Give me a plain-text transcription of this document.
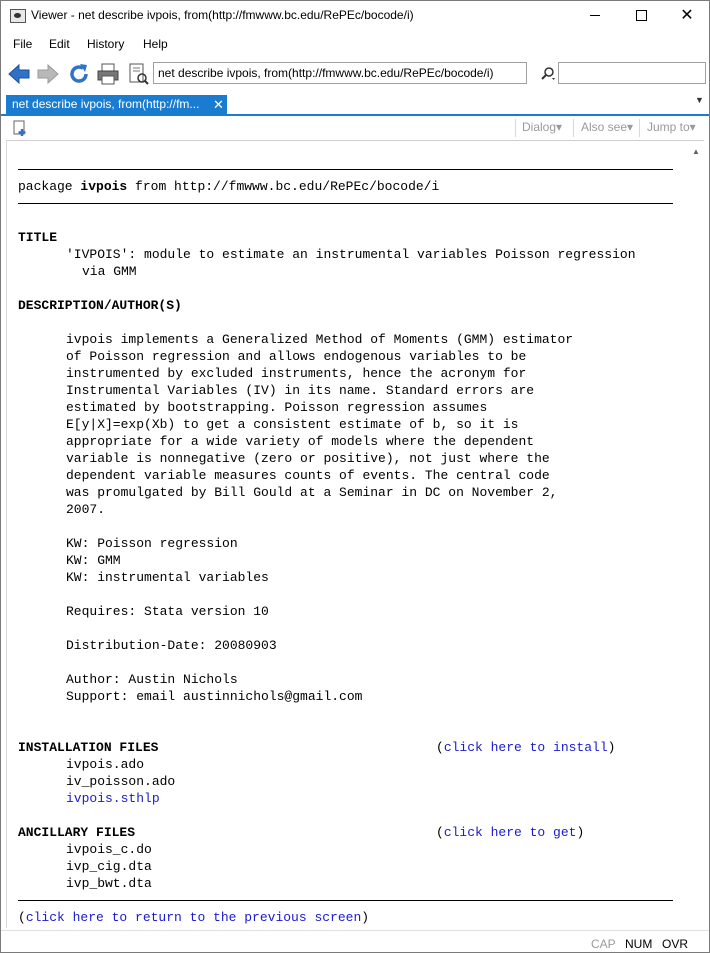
Viewer - net describe ivpois, from(http://fmwww.bc.edu/RePEc/bocode/i)	✕
File Edit History Help
net describe ivpois, from(http://fmwww.bc.edu/RePEc/bocode/i)
net describe ivpois, from(http://fm... ✕	▼
Dialog▾ Also see▾ Jump to▾
package ivpois from http://fmwww.bc.edu/RePEc/bocode/i
TITLE
'IVPOIS': module to estimate an instrumental variables Poisson regression
via GMM
DESCRIPTION/AUTHOR(S)
ivpois implements a Generalized Method of Moments (GMM) estimator
of Poisson regression and allows endogenous variables to be
instrumented by excluded instruments, hence the acronym for
Instrumental Variables (IV) in its name. Standard errors are
estimated by bootstrapping. Poisson regression assumes
E[y|X]=exp(Xb) to get a consistent estimate of b, so it is
appropriate for a wide variety of models where the dependent
variable is nonnegative (zero or positive), not just where the
dependent variable measures counts of events. The central code
was promulgated by Bill Gould at a Seminar in DC on November 2,
2007.
KW: Poisson regression
KW: GMM
KW: instrumental variables
Requires: Stata version 10
Distribution-Date: 20080903
Author: Austin Nichols
Support: email austinnichols@gmail.com
INSTALLATION FILES	(click here to install)
ivpois.ado
iv_poisson.ado
ivpois.sthlp
ANCILLARY FILES	(click here to get)
ivpois_c.do
ivp_cig.dta
ivp_bwt.dta
(click here to return to the previous screen)
▲
CAP NUM OVR
